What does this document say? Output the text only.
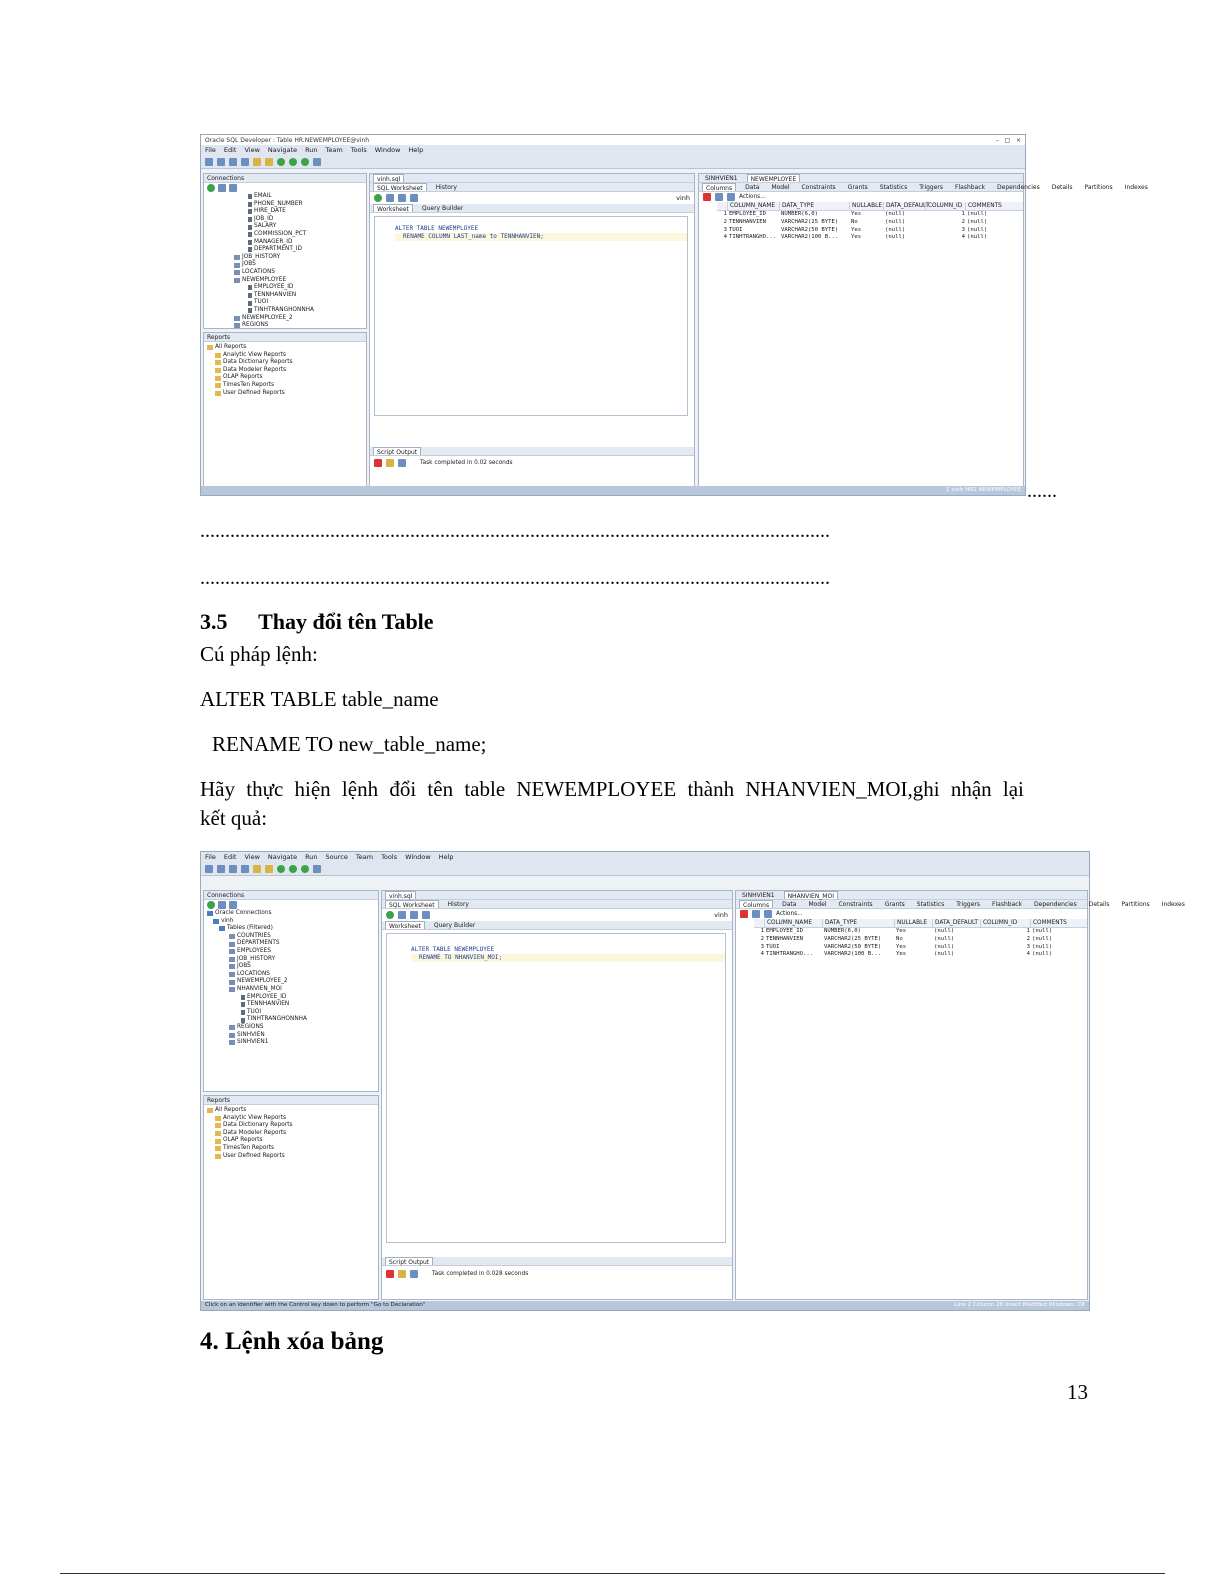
Oracle SQL Developer : Table HR.NEWEMPLOYEE@vinh	–
□
×
File Edit View Navigate Run Team Tools Window Help
Connections
EMAIL
PHONE_NUMBER
HIRE_DATE
JOB_ID
SALARY
COMMISSION_PCT
MANAGER_ID
DEPARTMENT_ID
JOB_HISTORY
JOBS
LOCATIONS
NEWEMPLOYEE
EMPLOYEE_ID
TENNHANVIEN
TUOI
TINHTRANGHONNHA
NEWEMPLOYEE_2
REGIONS
Reports
All Reports
Analytic View Reports
Data Dictionary Reports
Data Modeler Reports
OLAP Reports
TimesTen Reports
User Defined Reports
vinh.sql
SQL Worksheet	History
vinh
Worksheet	Query Builder
ALTER TABLE NEWEMPLOYEE
RENAME COLUMN LAST_name to TENNHANVIEN;
Script Output
Task completed in 0.02 seconds
SINHVIEN1	NEWEMPLOYEE
Columns	Data	Model	Constraints	Grants	Statistics	Triggers	Flashback	Dependencies	Details	Partitions	Indexes
Actions...
COLUMN_NAME	DATA_TYPE	NULLABLE DATA_DEFAULT COLUMN_ID COMMENTS
1 EMPLOYEE_ID	NUMBER(6,0)	Yes	(null)	1 (null)
2 TENNHANVIEN	VARCHAR2(25 BYTE)	No	(null)	2 (null)
3 TUOI	VARCHAR2(50 BYTE)	Yes	(null)	3 (null)
4 TINHTRANGHO... VARCHAR2(100 B...	Yes	(null)	4 (null)
1 vinh HR1 NEWEMPLOYEE ......
..............................................................................................................................
..............................................................................................................................
3.5 Thay đổi tên Table
Cú pháp lệnh:
ALTER TABLE table_name
RENAME TO new_table_name;
Hãy thực hiện lệnh đổi tên table NEWEMPLOYEE thành NHANVIEN_MOI,ghi nhận lại
kết quả:
File Edit View Navigate Run Source Team Tools Window Help
Connections
Oracle Connections
vinh
Tables (Filtered)
COUNTRIES
DEPARTMENTS
EMPLOYEES
JOB_HISTORY
JOBS
LOCATIONS
NEWEMPLOYEE_2
NHANVIEN_MOI
EMPLOYEE_ID
TENNHANVIEN
TUOI
TINHTRANGHONNHA
REGIONS
SINHVIEN
SINHVIEN1
Reports
All Reports
Analytic View Reports
Data Dictionary Reports
Data Modeler Reports
OLAP Reports
TimesTen Reports
User Defined Reports
vinh.sql
SQL Worksheet	History
vinh
Worksheet	Query Builder
ALTER TABLE NEWEMPLOYEE
RENAME TO NHANVIEN_MOI;
Script Output
Task completed in 0.028 seconds
SINHVIEN1	NHANVIEN_MOI
Columns	Data	Model	Constraints	Grants	Statistics	Triggers	Flashback	Dependencies	Details	Partitions	Indexes
Actions...
COLUMN_NAME	DATA_TYPE	NULLABLE	DATA_DEFAULT COLUMN_ID	COMMENTS
1 EMPLOYEE_ID	NUMBER(6,0)	Yes	(null)	1 (null)
2 TENNHANVIEN	VARCHAR2(25 BYTE)	No	(null)	2 (null)
3 TUOI	VARCHAR2(50 BYTE)	Yes	(null)	3 (null)
4 TINHTRANGHO...	VARCHAR2(100 B...	Yes	(null)	4 (null)
Click on an identifier with the Control key down to perform "Go to Declaration"	Line 2 Column 26 Insert Modified Windows: CR
4. Lệnh xóa bảng
13
